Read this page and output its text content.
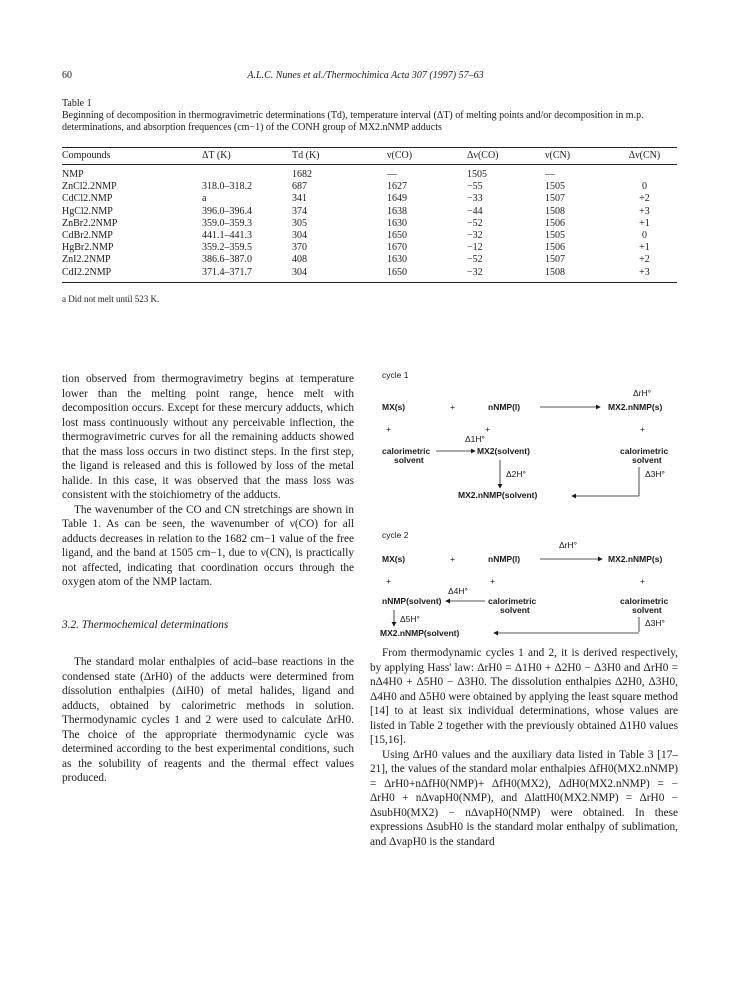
60	A.L.C. Nunes et al./Thermochimica Acta 307 (1997) 57–63
Table 1
Beginning of decomposition in thermogravimetric determinations (Td), temperature interval (ΔT) of melting points and/or decomposition in m.p. determinations, and absorption frequences (cm−1) of the CONH group of MX2.nNMP adducts
Compounds	ΔT (K)	Td (K)	ν(CO)	Δν(CO)	ν(CN)	Δν(CN)
NMP		1682	—	1505	—	
ZnCl2.2NMP	318.0–318.2	687	1627	−55	1505	0
CdCl2.NMP	a	341	1649	−33	1507	+2
HgCl2.NMP	396.0–396.4	374	1638	−44	1508	+3
ZnBr2.2NMP	359.0–359.3	305	1630	−52	1506	+1
CdBr2.NMP	441.1–441.3	304	1650	−32	1505	0
HgBr2.NMP	359.2–359.5	370	1670	−12	1506	+1
ZnI2.2NMP	386.6–387.0	408	1630	−52	1507	+2
CdI2.2NMP	371.4–371.7	304	1650	−32	1508	+3
a Did not melt until 523 K.

tion observed from thermogravimetry begins at temperature lower than the melting point range, hence melt with decomposition occurs. Except for these mercury adducts, which lost mass continuously without any perceivable inflection, the thermogravimetric curves for all the remaining adducts showed that the mass loss occurs in two distinct steps. In the first step, the ligand is released and this is followed by loss of the metal halide. In this case, it was observed that the mass loss was consistent with the stoichiometry of the adducts.

The wavenumber of the CO and CN stretchings are shown in Table 1. As can be seen, the wavenumber of ν(CO) for all adducts decreases in relation to the 1682 cm−1 value of the free ligand, and the band at 1505 cm−1, due to ν(CN), is practically not affected, indicating that coordination occurs through the oxygen atom of the NMP lactam.

3.2. Thermochemical determinations

The standard molar enthalpies of acid–base reactions in the condensed state (ΔrH0) of the adducts were determined from dissolution enthalpies (ΔiH0) of metal halides, ligand and adducts, obtained by calorimetric methods in solution. Thermodynamic cycles 1 and 2 were used to calculate ΔrH0. The choice of the appropriate thermodynamic cycle was determined according to the best experimental conditions, such as the solubility of reagents and the thermal effect values produced.

cycle 1
ΔrH°
MX(s)	+	nNMP(l)	MX2.nNMP(s)
+	+	+
Δ1H°
calorimetric
solvent
MX2(solvent)	calorimetric
solvent
Δ2H°	Δ3H°
MX2.nNMP(solvent)
cycle 2
ΔrH°
MX(s)	+	nNMP(l)	MX2.nNMP(s)
+	+	+
Δ4H°
nNMP(solvent)	calorimetric
solvent
calorimetric
solvent
Δ5H°	Δ3H°
MX2.nNMP(solvent)

From thermodynamic cycles 1 and 2, it is derived respectively, by applying Hass' law: ΔrH0 = Δ1H0 + Δ2H0 − Δ3H0 and ΔrH0 = nΔ4H0 + Δ5H0 − Δ3H0. The dissolution enthalpies Δ2H0, Δ3H0, Δ4H0 and Δ5H0 were obtained by applying the least square method [14] to at least six individual determinations, whose values are listed in Table 2 together with the previously obtained Δ1H0 values [15,16].

Using ΔrH0 values and the auxiliary data listed in Table 3 [17–21], the values of the standard molar enthalpies ΔfH0(MX2.nNMP) = ΔrH0+nΔfH0(NMP)+ ΔfH0(MX2), ΔdH0(MX2.nNMP) = − ΔrH0 + nΔvapH0(NMP), and ΔlattH0(MX2.NMP) = ΔrH0 − ΔsubH0(MX2) − nΔvapH0(NMP) were obtained. In these expressions ΔsubH0 is the standard molar enthalpy of sublimation, and ΔvapH0 is the standard
